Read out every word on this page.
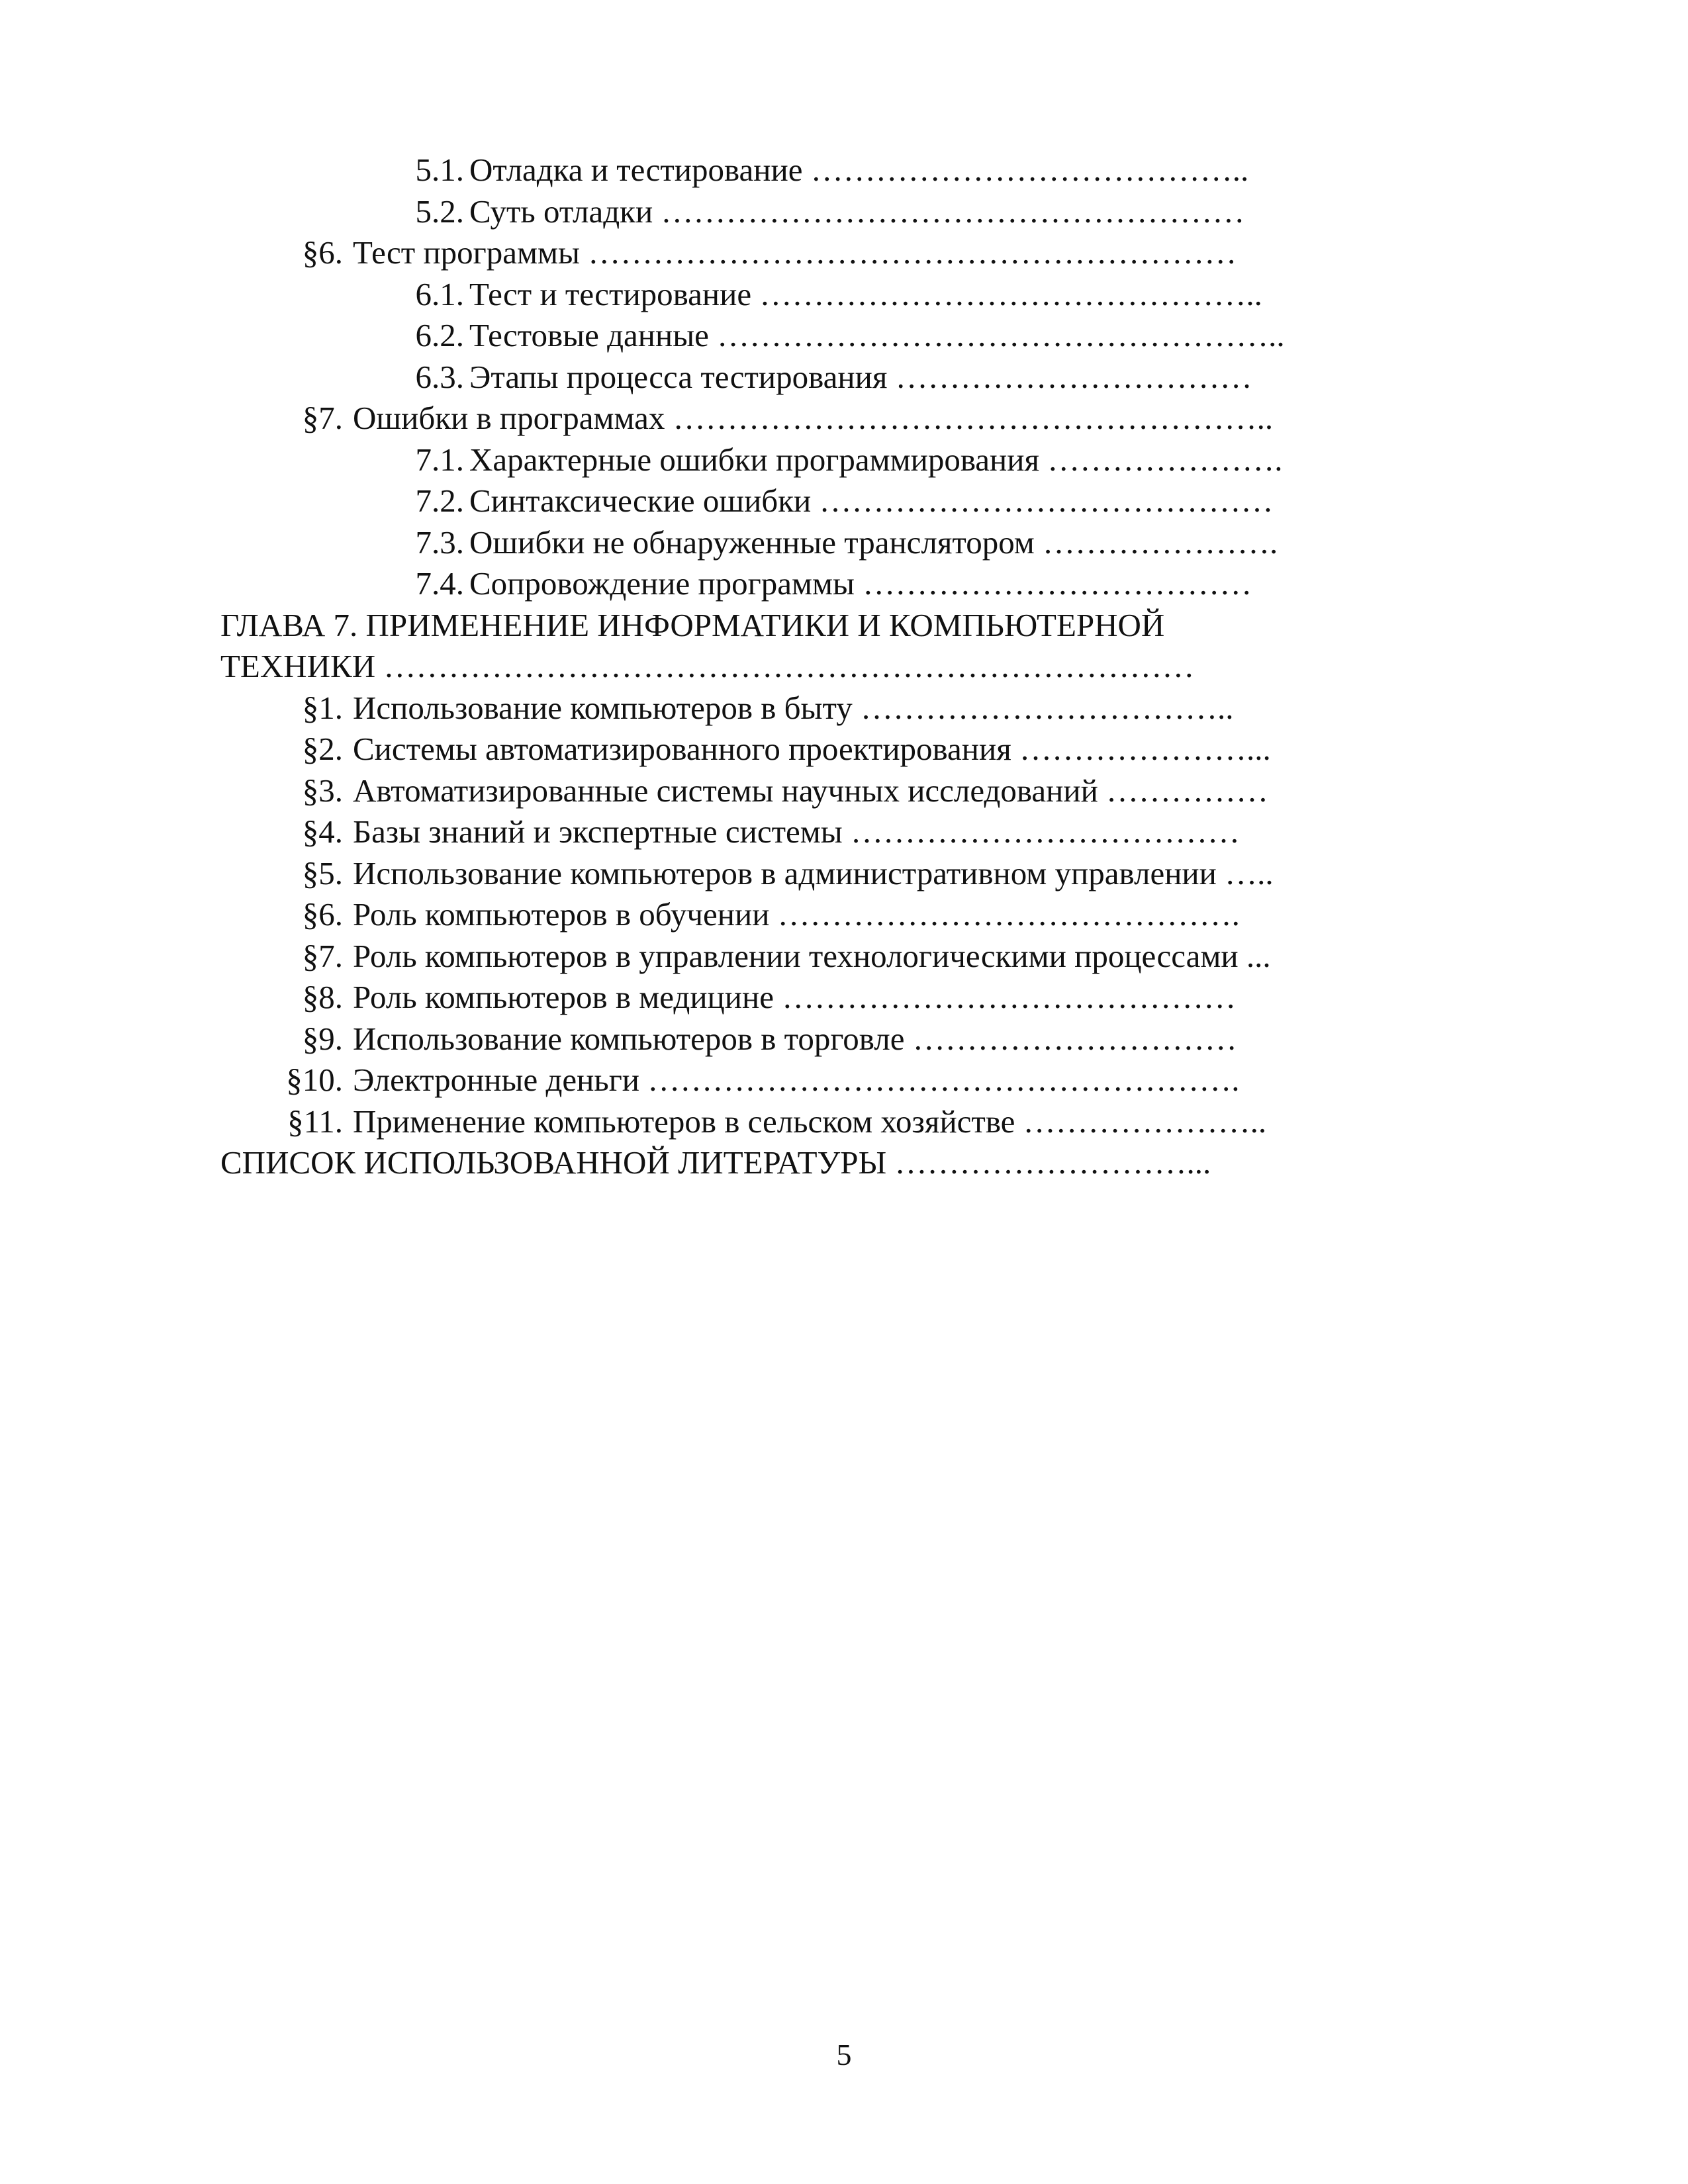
5.1. Отладка и тестирование …………………………………..
5.2. Суть отладки ………………………………………………
§6. Тест программы ……………………………………………………
6.1. Тест и тестирование ………………………………………..
6.2. Тестовые данные ……………………………………………..
6.3. Этапы процесса тестирования ……………………………
§7. Ошибки в программах ………………………………………………..
7.1. Характерные ошибки программирования ………………….
7.2. Синтаксические ошибки ……………………………………
7.3. Ошибки не обнаруженные транслятором ………………….
7.4. Сопровождение программы ………………………………
ГЛАВА 7. ПРИМЕНЕНИЕ ИНФОРМАТИКИ И КОМПЬЮТЕРНОЙ
ТЕХНИКИ …………………………………………………………………
§1. Использование компьютеров в быту ……………………………..
§2. Системы автоматизированного проектирования …………………...
§3. Автоматизированные системы научных исследований ……………
§4. Базы знаний и экспертные системы ………………………………
§5. Использование компьютеров в административном управлении …..
§6. Роль компьютеров в обучении …………………………………….
§7. Роль компьютеров в управлении технологическими процессами ...
§8. Роль компьютеров в медицине ……………………………………
§9. Использование компьютеров в торговле …………………………
§10. Электронные деньги ……………………………………………….
§11. Применение компьютеров в сельском хозяйстве …………………..
СПИСОК ИСПОЛЬЗОВАННОЙ ЛИТЕРАТУРЫ ………………………...
5
